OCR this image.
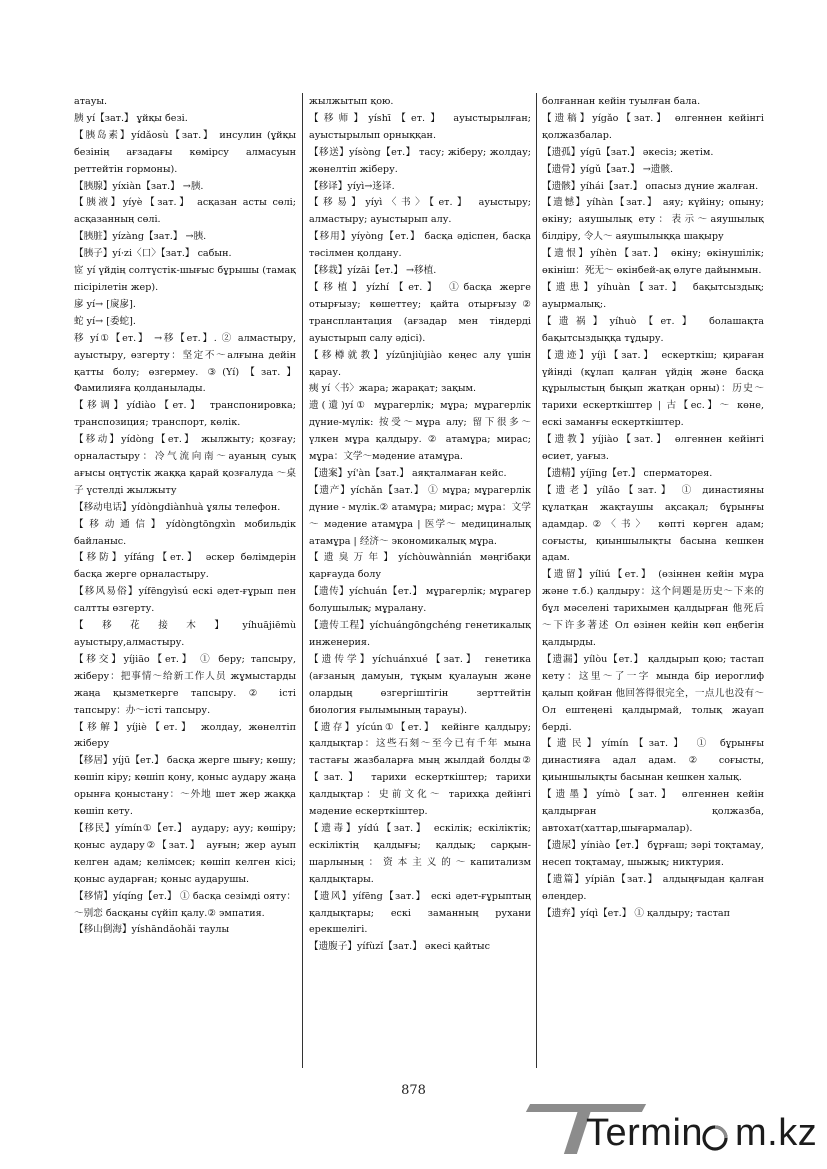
атауы.

胰 yí【зат.】 ұйқы безі.

【胰岛素】yídǎosù【зат.】 инсулин (ұйқы безінің ағзадағы көмірсу алмасуын реттейтін гормоны).

【胰腺】yíxiàn【зат.】 →胰.

【胰液】yíyè【зат.】 асқазан асты сөлі; асқазанның сөлі.

【胰脏】yízàng【зат.】 →胰.

【胰子】yí·zi〈口〉【зат.】 сабын.

宧 yí үйдің солтүстік-шығыс бұрышы (тамақ пісірілетін жер).

扅 yí→ [扊扅].

蛇 yí→ [委蛇].

移 yí①【ет.】 →移【ет.】. ② алмастыру, ауыстыру, өзгерту：坚定不～алғына дейін қатты болу; өзгермеу. ③(Yí)【зат.】 Фамилияға қолданылады.

【移调】yídiào【ет.】 транспонировка; транспозиция; транспорт, көлік.

【移动】yídòng【ет.】 жылжыту; қозғау; орналастыру：冷气流向南～ауаның суық ағысы оңтүстік жаққа қарай қозғалуда ～桌子 үстелді жылжыту

【移动电话】yídòngdiànhuà ұялы телефон.

【移动通信】yídòngtōngxìn мобильдік байланыс.

【移防】yífáng【ет.】 әскер бөлімдерін басқа жерге орналастыру.

【移风易俗】yífēngyìsú ескі әдет-ғұрып пен салтты өзгерту.

【移花接木】yíhuājiēmù ауыстыру,алмастыру.

【移交】yíjiāo【ет.】 ① беру; тапсыру, жіберу：把事情～给新工作人员 жұмыстарды жаңа қызметкерге тапсыру. ② істі тапсыру：办～істі тапсыру.

【移解】yíjiè【ет.】 жолдау, жөнелтіп жіберу

【移居】yíjū【ет.】 басқа жерге шығу; көшу; көшіп кіру; көшіп қону, қоныс аудару жаңа орынға қоныстану：～外地 шет жер жаққа көшіп кету.

【移民】yímín①【ет.】 аудару; ауу; көшіру; қоныс аудару②【зат.】 ауғын; жер ауып келген адам; келімсек; көшіп келген кісі; қоныс аударған; қоныс аударушы.

【移情】yíqíng【ет.】 ① басқа сезімді ояту：～别恋 басқаны сүйіп қалу.② эмпатия.

【移山倒海】yíshāndǎohǎi таулы

жылжытып қою.

【移师】yíshī【ет.】 ауыстырылған; ауыстырылып орныққан.

【移送】yísòng【ет.】 тасу; жіберу; жолдау; жөнелтіп жіберу.

【移译】yíyì→迻译.

【移易】yíyì〈书〉【ет.】 ауыстыру; алмастыру; ауыстырып алу.

【移用】yíyòng【ет.】 басқа әдіспен, басқа тәсілмен қолдану.

【移栽】yízāi【ет.】 →移植.

【移植】yízhí【ет.】 ①басқа жерге отырғызу; көшеттеу; қайта отырғызу② трансплантация (ағзадар мен тіндерді ауыстырып салу әдісі).

【移樽就教】yízūnjiùjiào кеңес алу үшін қарау.

痍 yí〈书〉жара; жарақат; зақым.

遗(遺)yí① мұрагерлік; мұра; мұрагерлік дүние-мүлік: 按受～мұра алу; 留下很多～үлкен мұра қалдыру. ② атамұра; мирас; мұра：文学～мәдение атамұра.

【遗案】yí'àn【зат.】 аяқталмаған кейс.

【遗产】yíchǎn【зат.】 ① мұра; мұрагерлік дүние - мүлік.② атамұра; мирас; мұра：文学～ мәдение атамұра | 医学～ медициналық атамұра | 经济～ экономикалық мұра.

【遗臭万年】yíchòuwànnián мәңгібақи қарғауда болу

【遗传】yíchuán【ет.】 мұрагерлік; мұрагер болушылық; мұралану.

【遗传工程】yíchuángōngchéng генетикалық инженерия.

【遗传学】yíchuánxué【зат.】 генетика (ағзаның дамуын, тұқым қуалауын және олардың өзгергіштігін зерттейтін биология ғылымының тарауы).

【遗存】yícún①【ет.】 кейінге қалдыру; қалдықтар：这些石刻～至今已有千年 мына тастағы жазбаларға мың жылдай болды②【зат.】 тарихи ескерткіштер; тарихи қалдықтар：史前文化～ тарихқа дейінгі мәдение ескерткіштер.

【遗毒】yídú【зат.】 ескілік; ескіліктік; ескіліктің қалдығы; қалдық; сарқын-шарлының：资本主义的～капитализм қалдықтары.

【遗风】yífēng【зат.】 ескі әдет-ғұрыптың қалдықтары; ескі заманның рухани ерекшелігі.

【遗腹子】yífùzǐ【зат.】 әкесі қайтыс

болғаннан кейін туылған бала.

【遗稿】yígǎo【зат.】 өлгеннен кейінгі қолжазбалар.

【遗孤】yígū【зат.】 әкесіз; жетім.

【遗骨】yígǔ【зат.】 →遗骸.

【遗骸】yíhái【зат.】 опасыз дүние жалған.

【遗憾】yíhàn【зат.】 аяу; күйіну; опыну; өкіну; аяушылық ету：表示～аяушылық білдіру, 令人～ аяушылыққа шақыру

【遗恨】yíhèn【зат.】 өкіну; өкінушілік; өкініш：死无～ өкінбей-ақ өлуге дайынмын.

【遗患】yíhuàn【зат.】 бақытсыздық; ауырмалық;.

【遗祸】yíhuò【ет.】 болашақта бақытсыздыққа тұдыру.

【遗迹】yíjì【зат.】 ескерткіш; қираған үйінді (құлап қалған үйдің және басқа құрылыстың бықып жатқан орны)：历史～тарихи ескерткіштер | 古【ес.】～ көне, ескі заманғы ескерткіштер.

【遗教】yíjiào【зат.】 өлгеннен кейінгі өсиет, уағыз.

【遗精】yíjīng【ет.】 сперматорея.

【遗老】yílǎo【зат.】 ① династияны құлатқан жақтаушы ақсақал; бұрынғы адамдар.②〈书〉 көпті көрген адам; соғысты, қиыншылықты басына кешкен адам.

【遗留】yíliú【ет.】 (өзіннен кейін мұра және т.б.) қалдыру：这个问题是历史～下来的 бұл мәселені тарихымен қалдырған 他死后～下许多著述 Ол өзінен кейін көп еңбегін қалдырды.

【遗漏】yílòu【ет.】 қалдырып қою; тастап кету：这里～了一字 мында бір иероглиф қалып қойған 他回答得很完全，一点儿也没有～ Ол ештеңені қалдырмай, толық жауап берді.

【遗民】yímín【зат.】 ① бұрынғы династияға адал адам. ② соғысты, қиыншылықты басынан кешкен халық.

【遗墨】yímò【зат.】 өлгеннен кейін қалдырған қолжазба, автохат(хаттар,шығармалар).

【遗尿】yíniào【ет.】 бұрғаш; зәрі тоқтамау, несеп тоқтамау, шыжық; никтурия.

【遗篇】yípiān【зат.】 алдыңғыдан қалған өлеңдер.

【遗弃】yíqì【ет.】 ① қалдыру; тастап

878
Termin m.kz
